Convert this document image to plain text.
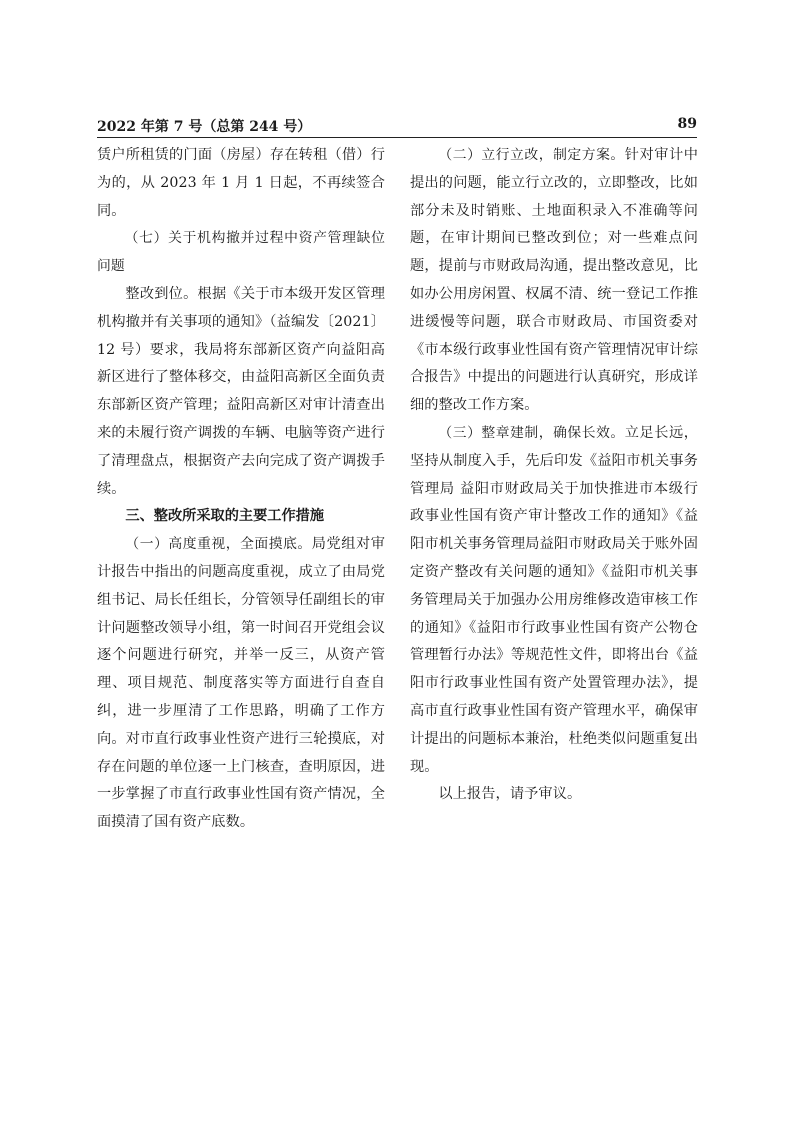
2022 年第 7 号（总第 244 号）	89

赁户所租赁的门面（房屋）存在转租（借）行为的，从 2023 年 1 月 1 日起，不再续签合同。

（七）关于机构撤并过程中资产管理缺位问题

整改到位。根据《关于市本级开发区管理机构撤并有关事项的通知》（益编发〔2021〕12 号）要求，我局将东部新区资产向益阳高新区进行了整体移交，由益阳高新区全面负责东部新区资产管理；益阳高新区对审计清查出来的未履行资产调拨的车辆、电脑等资产进行了清理盘点，根据资产去向完成了资产调拨手续。

三、整改所采取的主要工作措施

（一）高度重视，全面摸底。局党组对审计报告中指出的问题高度重视，成立了由局党组书记、局长任组长，分管领导任副组长的审计问题整改领导小组，第一时间召开党组会议逐个问题进行研究，并举一反三，从资产管理、项目规范、制度落实等方面进行自查自纠，进一步厘清了工作思路，明确了工作方向。对市直行政事业性资产进行三轮摸底，对存在问题的单位逐一上门核查，查明原因，进一步掌握了市直行政事业性国有资产情况，全面摸清了国有资产底数。

（二）立行立改，制定方案。针对审计中提出的问题，能立行立改的，立即整改，比如部分未及时销账、土地面积录入不准确等问题，在审计期间已整改到位；对一些难点问题，提前与市财政局沟通，提出整改意见，比如办公用房闲置、权属不清、统一登记工作推进缓慢等问题，联合市财政局、市国资委对《市本级行政事业性国有资产管理情况审计综合报告》中提出的问题进行认真研究，形成详细的整改工作方案。

（三）整章建制，确保长效。立足长远，坚持从制度入手，先后印发《益阳市机关事务管理局 益阳市财政局关于加快推进市本级行政事业性国有资产审计整改工作的通知》《益阳市机关事务管理局益阳市财政局关于账外固定资产整改有关问题的通知》《益阳市机关事务管理局关于加强办公用房维修改造审核工作的通知》《益阳市行政事业性国有资产公物仓管理暂行办法》等规范性文件，即将出台《益阳市行政事业性国有资产处置管理办法》，提高市直行政事业性国有资产管理水平，确保审计提出的问题标本兼治，杜绝类似问题重复出现。

以上报告，请予审议。
